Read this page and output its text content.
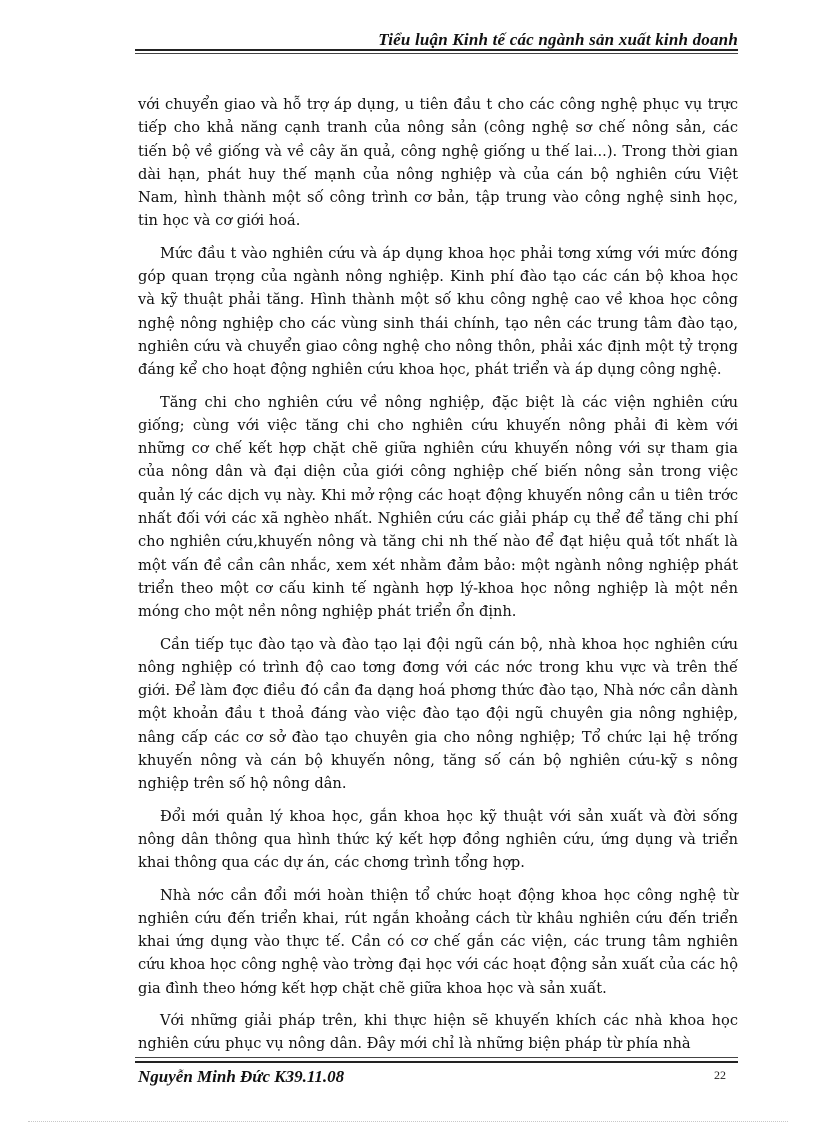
Tiểu luận Kinh tế các ngành sản xuất kinh doanh

với chuyển giao và hỗ trợ áp dụng, u tiên đầu t cho các công nghệ phục vụ trực tiếp cho khả năng cạnh tranh của nông sản (công nghệ sơ chế nông sản, các tiến bộ về giống và về cây ăn quả, công nghệ giống u thế lai...). Trong thời gian dài hạn, phát huy thế mạnh của nông nghiệp và của cán bộ nghiên cứu Việt Nam, hình thành một số công trình cơ bản, tập trung vào công nghệ sinh học, tin học và cơ giới hoá.

Mức đầu t vào nghiên cứu và áp dụng khoa học phải tơng xứng với mức đóng góp quan trọng của ngành nông nghiệp. Kinh phí đào tạo các cán bộ khoa học và kỹ thuật phải tăng. Hình thành một số khu công nghệ cao về khoa học công nghệ nông nghiệp cho các vùng sinh thái chính, tạo nên các trung tâm đào tạo, nghiên cứu và chuyển giao công nghệ cho nông thôn, phải xác định một tỷ trọng đáng kể cho hoạt động nghiên cứu khoa học, phát triển và áp dụng công nghệ.

Tăng chi cho nghiên cứu về nông nghiệp, đặc biệt là các viện nghiên cứu giống; cùng với việc tăng chi cho nghiên cứu khuyến nông phải đi kèm với những cơ chế kết hợp chặt chẽ giữa nghiên cứu khuyến nông với sự tham gia của nông dân và đại diện của giới công nghiệp chế biến nông sản trong việc quản lý các dịch vụ này. Khi mở rộng các hoạt động khuyến nông cần u tiên trớc nhất đối với các xã nghèo nhất. Nghiên cứu các giải pháp cụ thể để tăng chi phí cho nghiên cứu,khuyến nông và tăng chi nh thế nào để đạt hiệu quả tốt nhất là một vấn đề cần cân nhắc, xem xét nhằm đảm bảo: một ngành nông nghiệp phát triển theo một cơ cấu kinh tế ngành hợp lý-khoa học nông nghiệp là một nền móng cho một nền nông nghiệp phát triển ổn định.

Cần tiếp tục đào tạo và đào tạo lại đội ngũ cán bộ, nhà khoa học nghiên cứu nông nghiệp có trình độ cao tơng đơng với các nớc trong khu vực và trên thế giới. Để làm đợc điều đó cần đa dạng hoá phơng thức đào tạo, Nhà nớc cần dành một khoản đầu t thoả đáng vào việc đào tạo đội ngũ chuyên gia nông nghiệp, nâng cấp các cơ sở đào tạo chuyên gia cho nông nghiệp; Tổ chức lại hệ trống khuyến nông và cán bộ khuyến nông, tăng số cán bộ nghiên cứu-kỹ s nông nghiệp trên số hộ nông dân.

Đổi mới quản lý khoa học, gắn khoa học kỹ thuật với sản xuất và đời sống nông dân thông qua hình thức ký kết hợp đồng nghiên cứu, ứng dụng và triển khai thông qua các dự án, các chơng trình tổng hợp.

Nhà nớc cần đổi mới hoàn thiện tổ chức hoạt động khoa học công nghệ từ nghiên cứu đến triển khai, rút ngắn khoảng cách từ khâu nghiên cứu đến triển khai ứng dụng vào thực tế. Cần có cơ chế gắn các viện, các trung tâm nghiên cứu khoa học công nghệ vào trờng đại học với các hoạt động sản xuất của các hộ gia đình theo hớng kết hợp chặt chẽ giữa khoa học và sản xuất.

Với những giải pháp trên, khi thực hiện sẽ khuyến khích các nhà khoa học nghiên cứu phục vụ nông dân. Đây mới chỉ là những biện pháp từ phía nhà

Nguyễn Minh Đức K39.11.08	22
